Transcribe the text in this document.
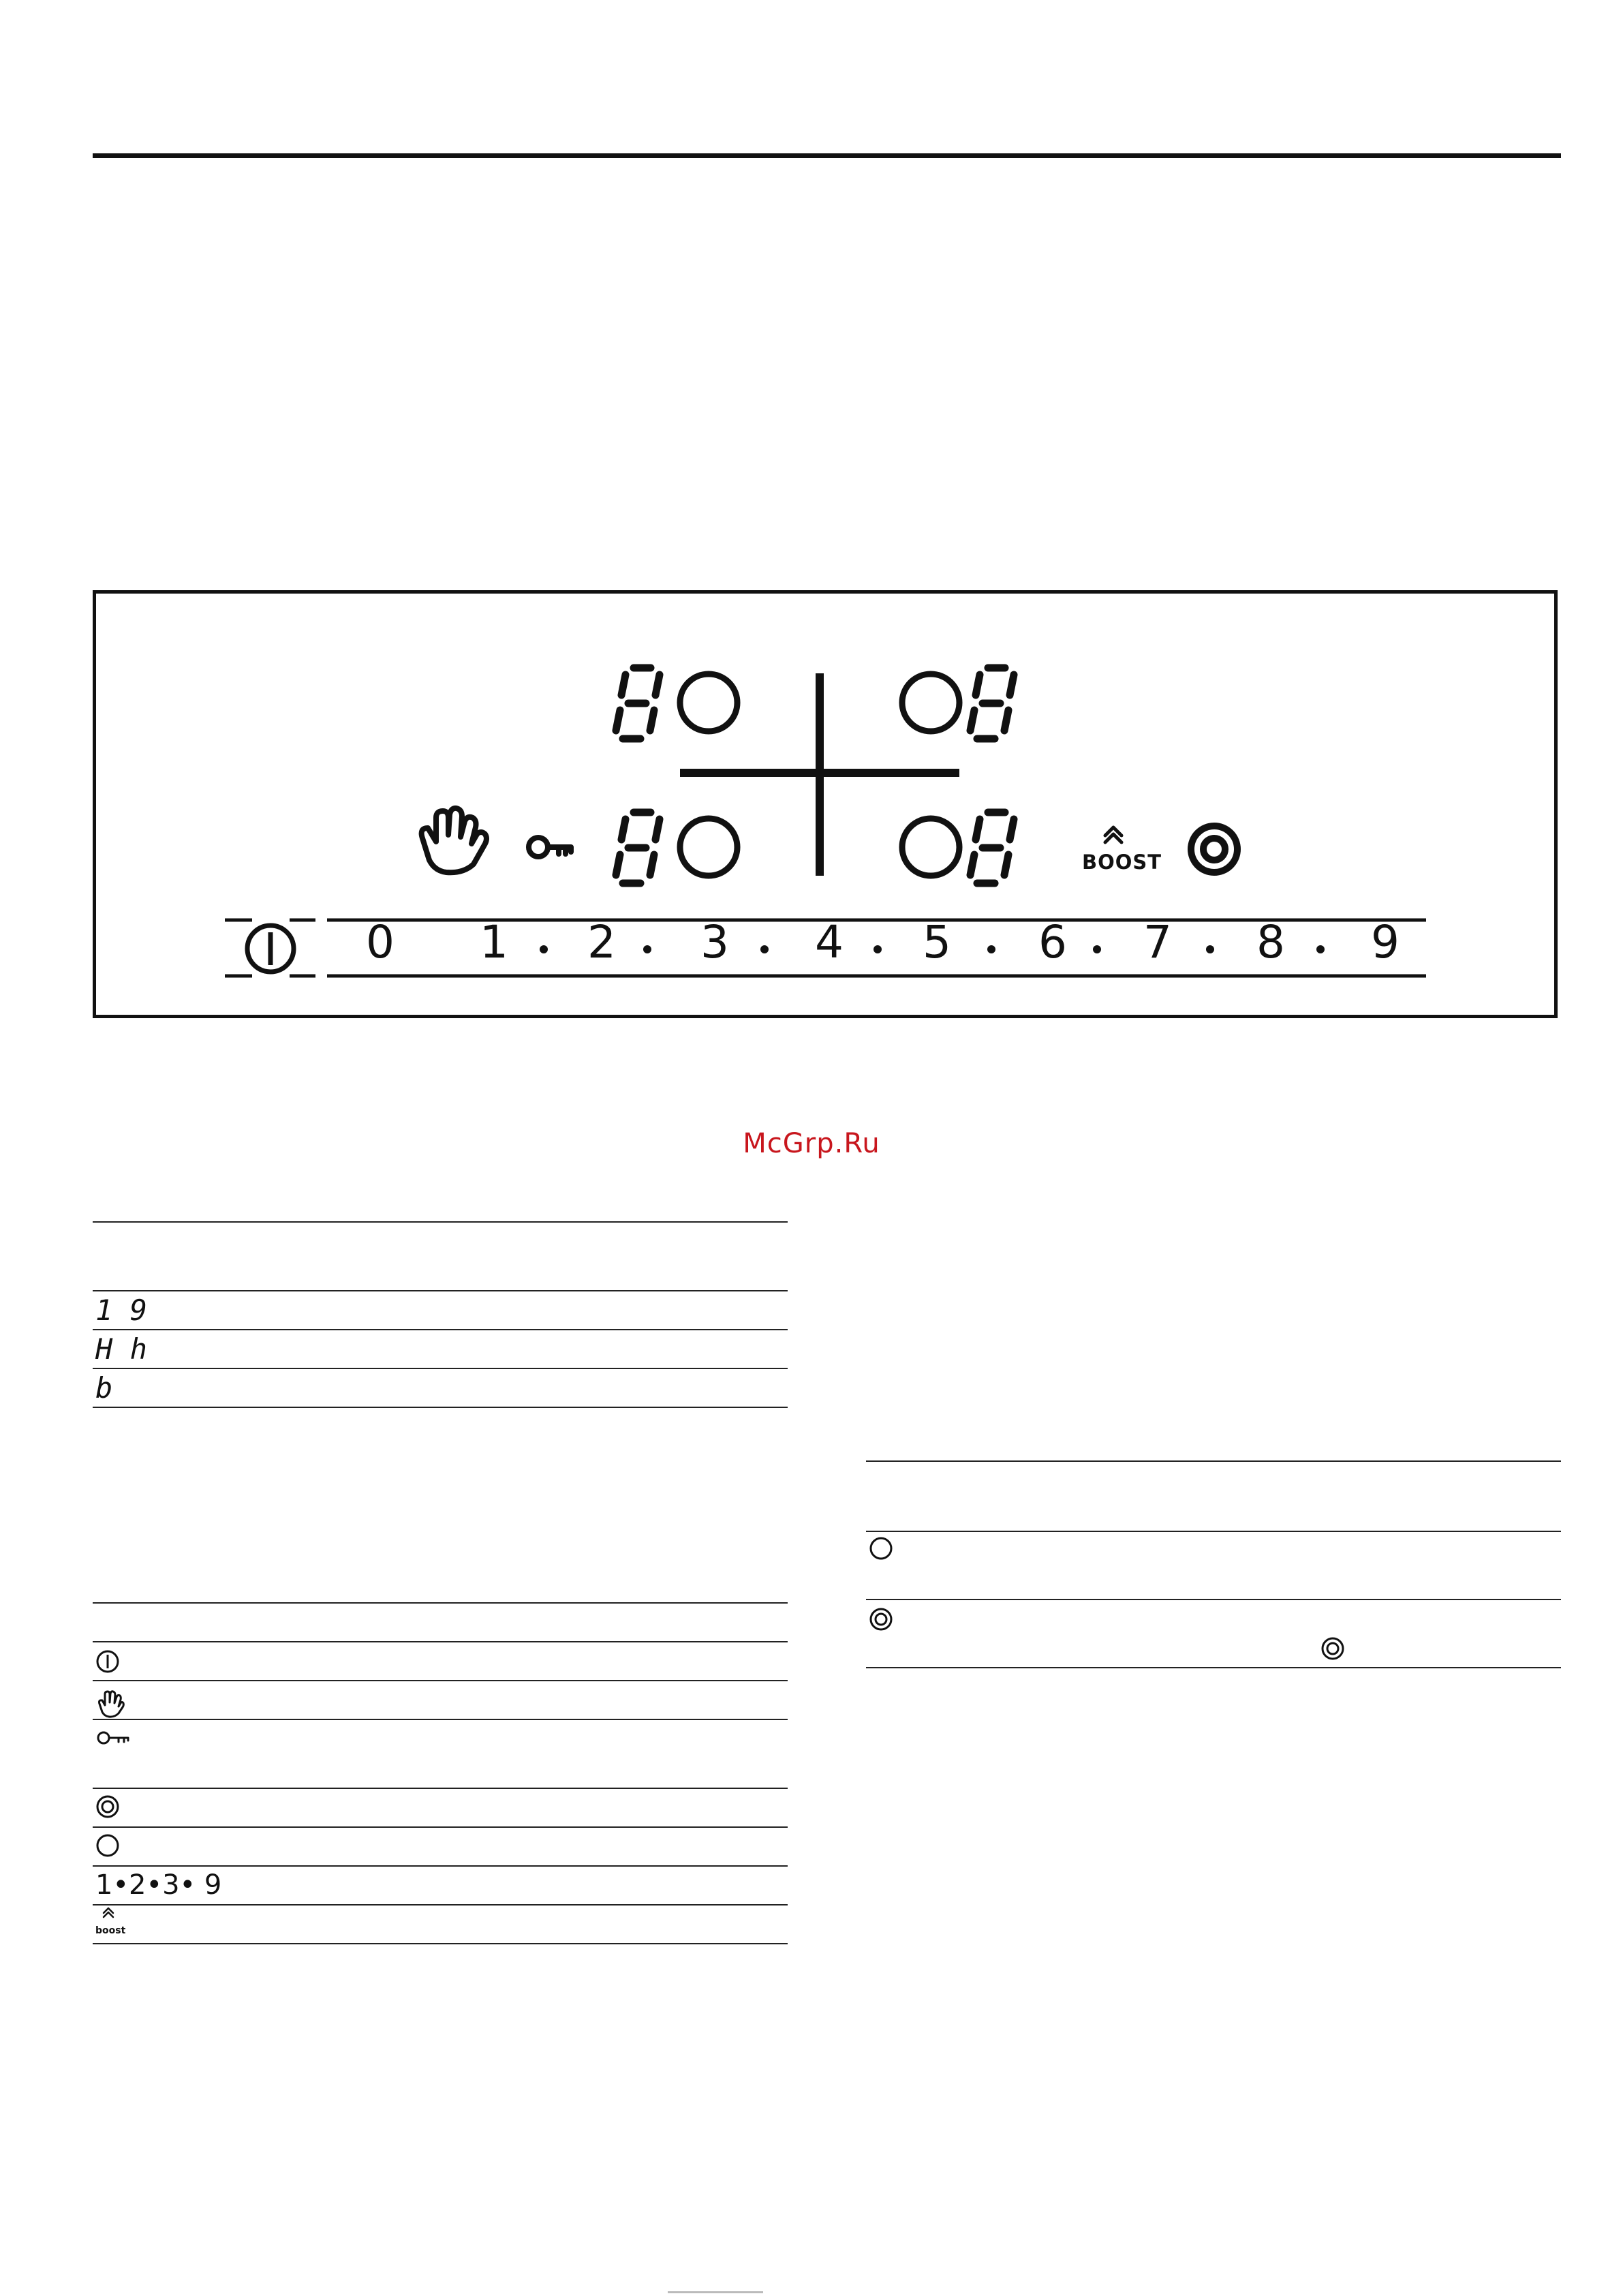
BOOST
0 1 2 3 4 5 6 7 8 9
McGrp.Ru
1 9
H h
b
1•2•3• 9
boost
